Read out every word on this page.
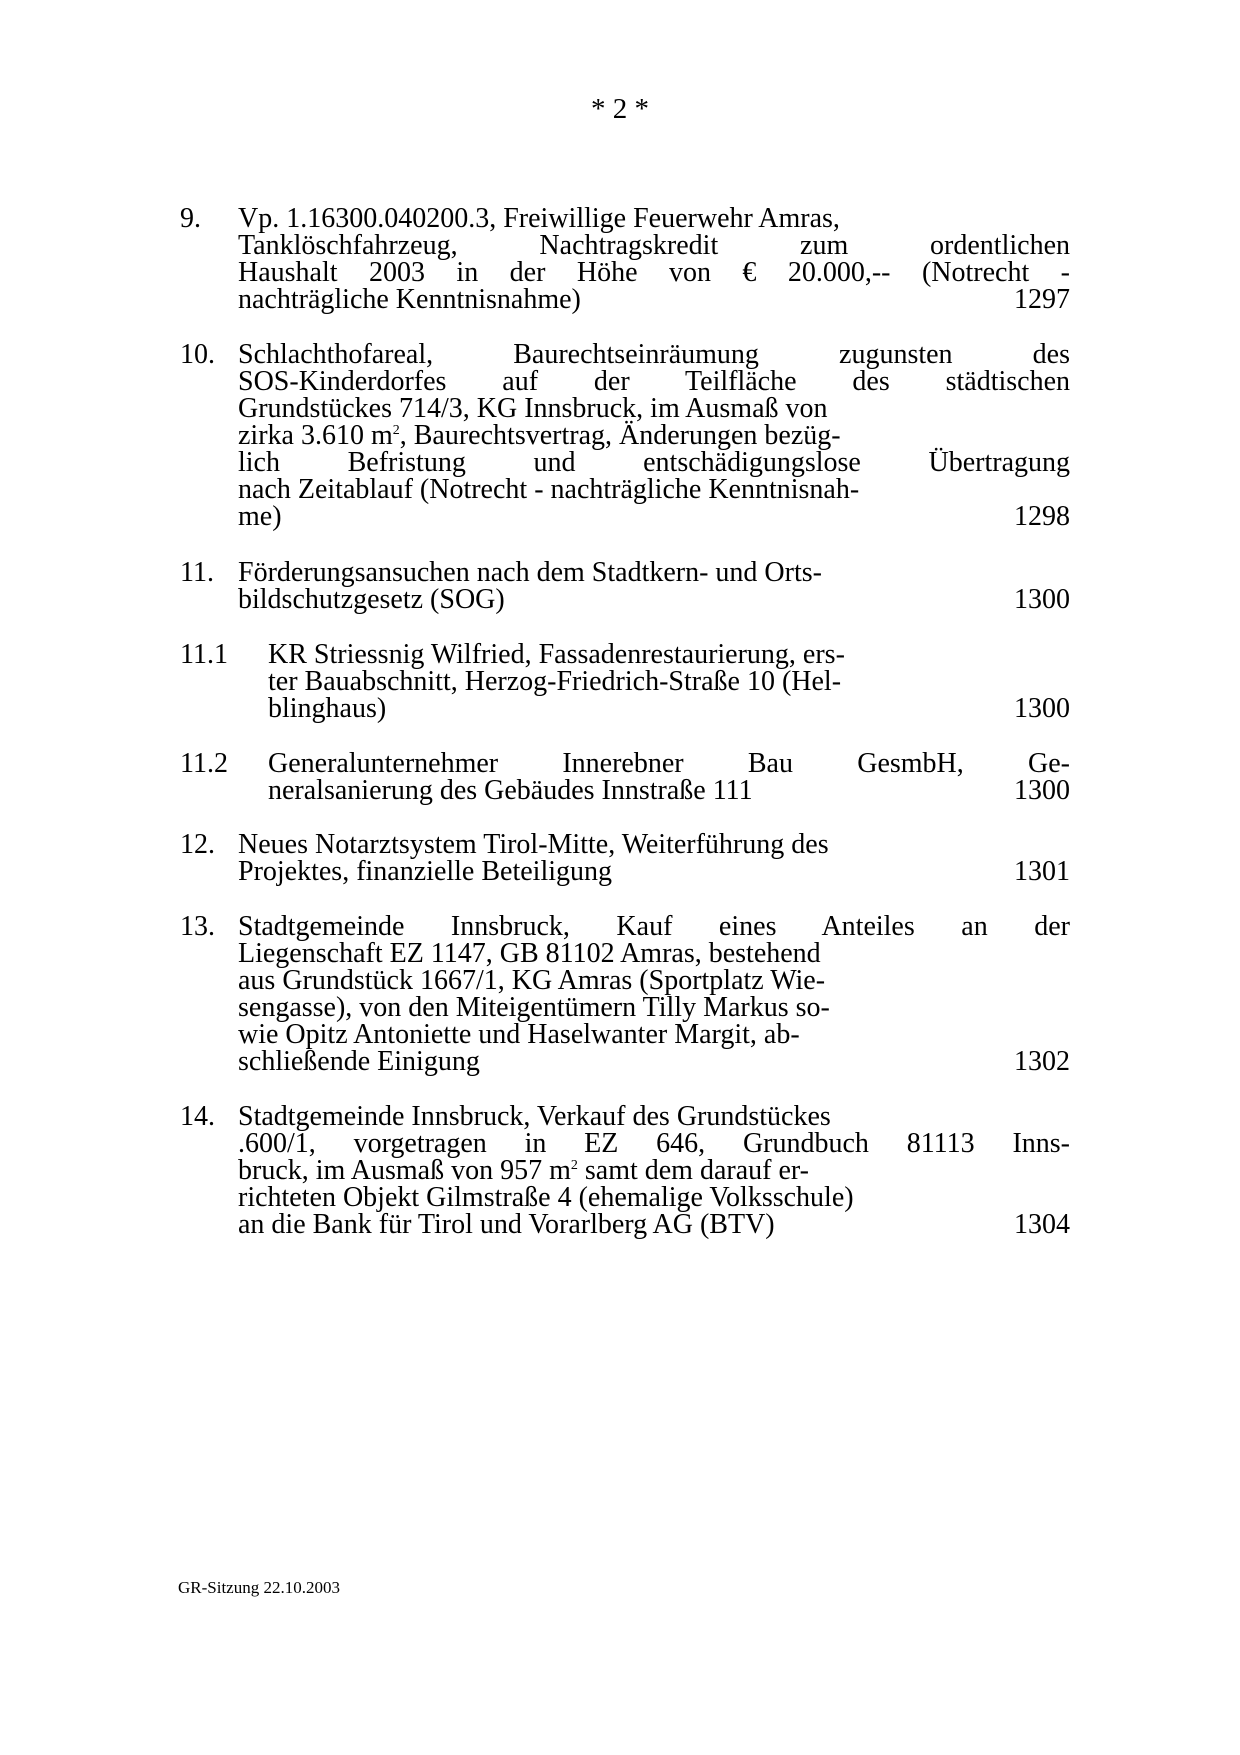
* 2 *
9. Vp. 1.16300.040200.3, Freiwillige Feuerwehr Amras,
Tanklöschfahrzeug, Nachtragskredit zum ordentlichen
Haushalt 2003 in der Höhe von € 20.000,-- (Notrecht -
nachträgliche Kenntnisnahme)	1297
10. Schlachthofareal, Baurechtseinräumung zugunsten des
SOS-Kinderdorfes auf der Teilfläche des städtischen
Grundstückes 714/3, KG Innsbruck, im Ausmaß von
zirka 3.610 $m^2$, Baurechtsvertrag, Änderungen bezüg-
lich Befristung und entschädigungslose Übertragung
nach Zeitablauf (Notrecht - nachträgliche Kenntnisnah-
me)	1298
11. Förderungsansuchen nach dem Stadtkern- und Orts-
bildschutzgesetz (SOG)	1300
11.1 KR Striessnig Wilfried, Fassadenrestaurierung, ers-
ter Bauabschnitt, Herzog-Friedrich-Straße 10 (Hel-
blinghaus)	1300
11.2 Generalunternehmer Innerebner Bau GesmbH, Ge-
neralsanierung des Gebäudes Innstraße 111	1300
12. Neues Notarztsystem Tirol-Mitte, Weiterführung des
Projektes, finanzielle Beteiligung	1301
13. Stadtgemeinde Innsbruck, Kauf eines Anteiles an der
Liegenschaft EZ 1147, GB 81102 Amras, bestehend
aus Grundstück 1667/1, KG Amras (Sportplatz Wie-
sengasse), von den Miteigentümern Tilly Markus so-
wie Opitz Antoniette und Haselwanter Margit, ab-
schließende Einigung	1302
14. Stadtgemeinde Innsbruck, Verkauf des Grundstückes
.600/1, vorgetragen in EZ 646, Grundbuch 81113 Inns-
bruck, im Ausmaß von 957 $m^2$ samt dem darauf er-
richteten Objekt Gilmstraße 4 (ehemalige Volksschule)
an die Bank für Tirol und Vorarlberg AG (BTV)	1304
GR-Sitzung 22.10.2003
